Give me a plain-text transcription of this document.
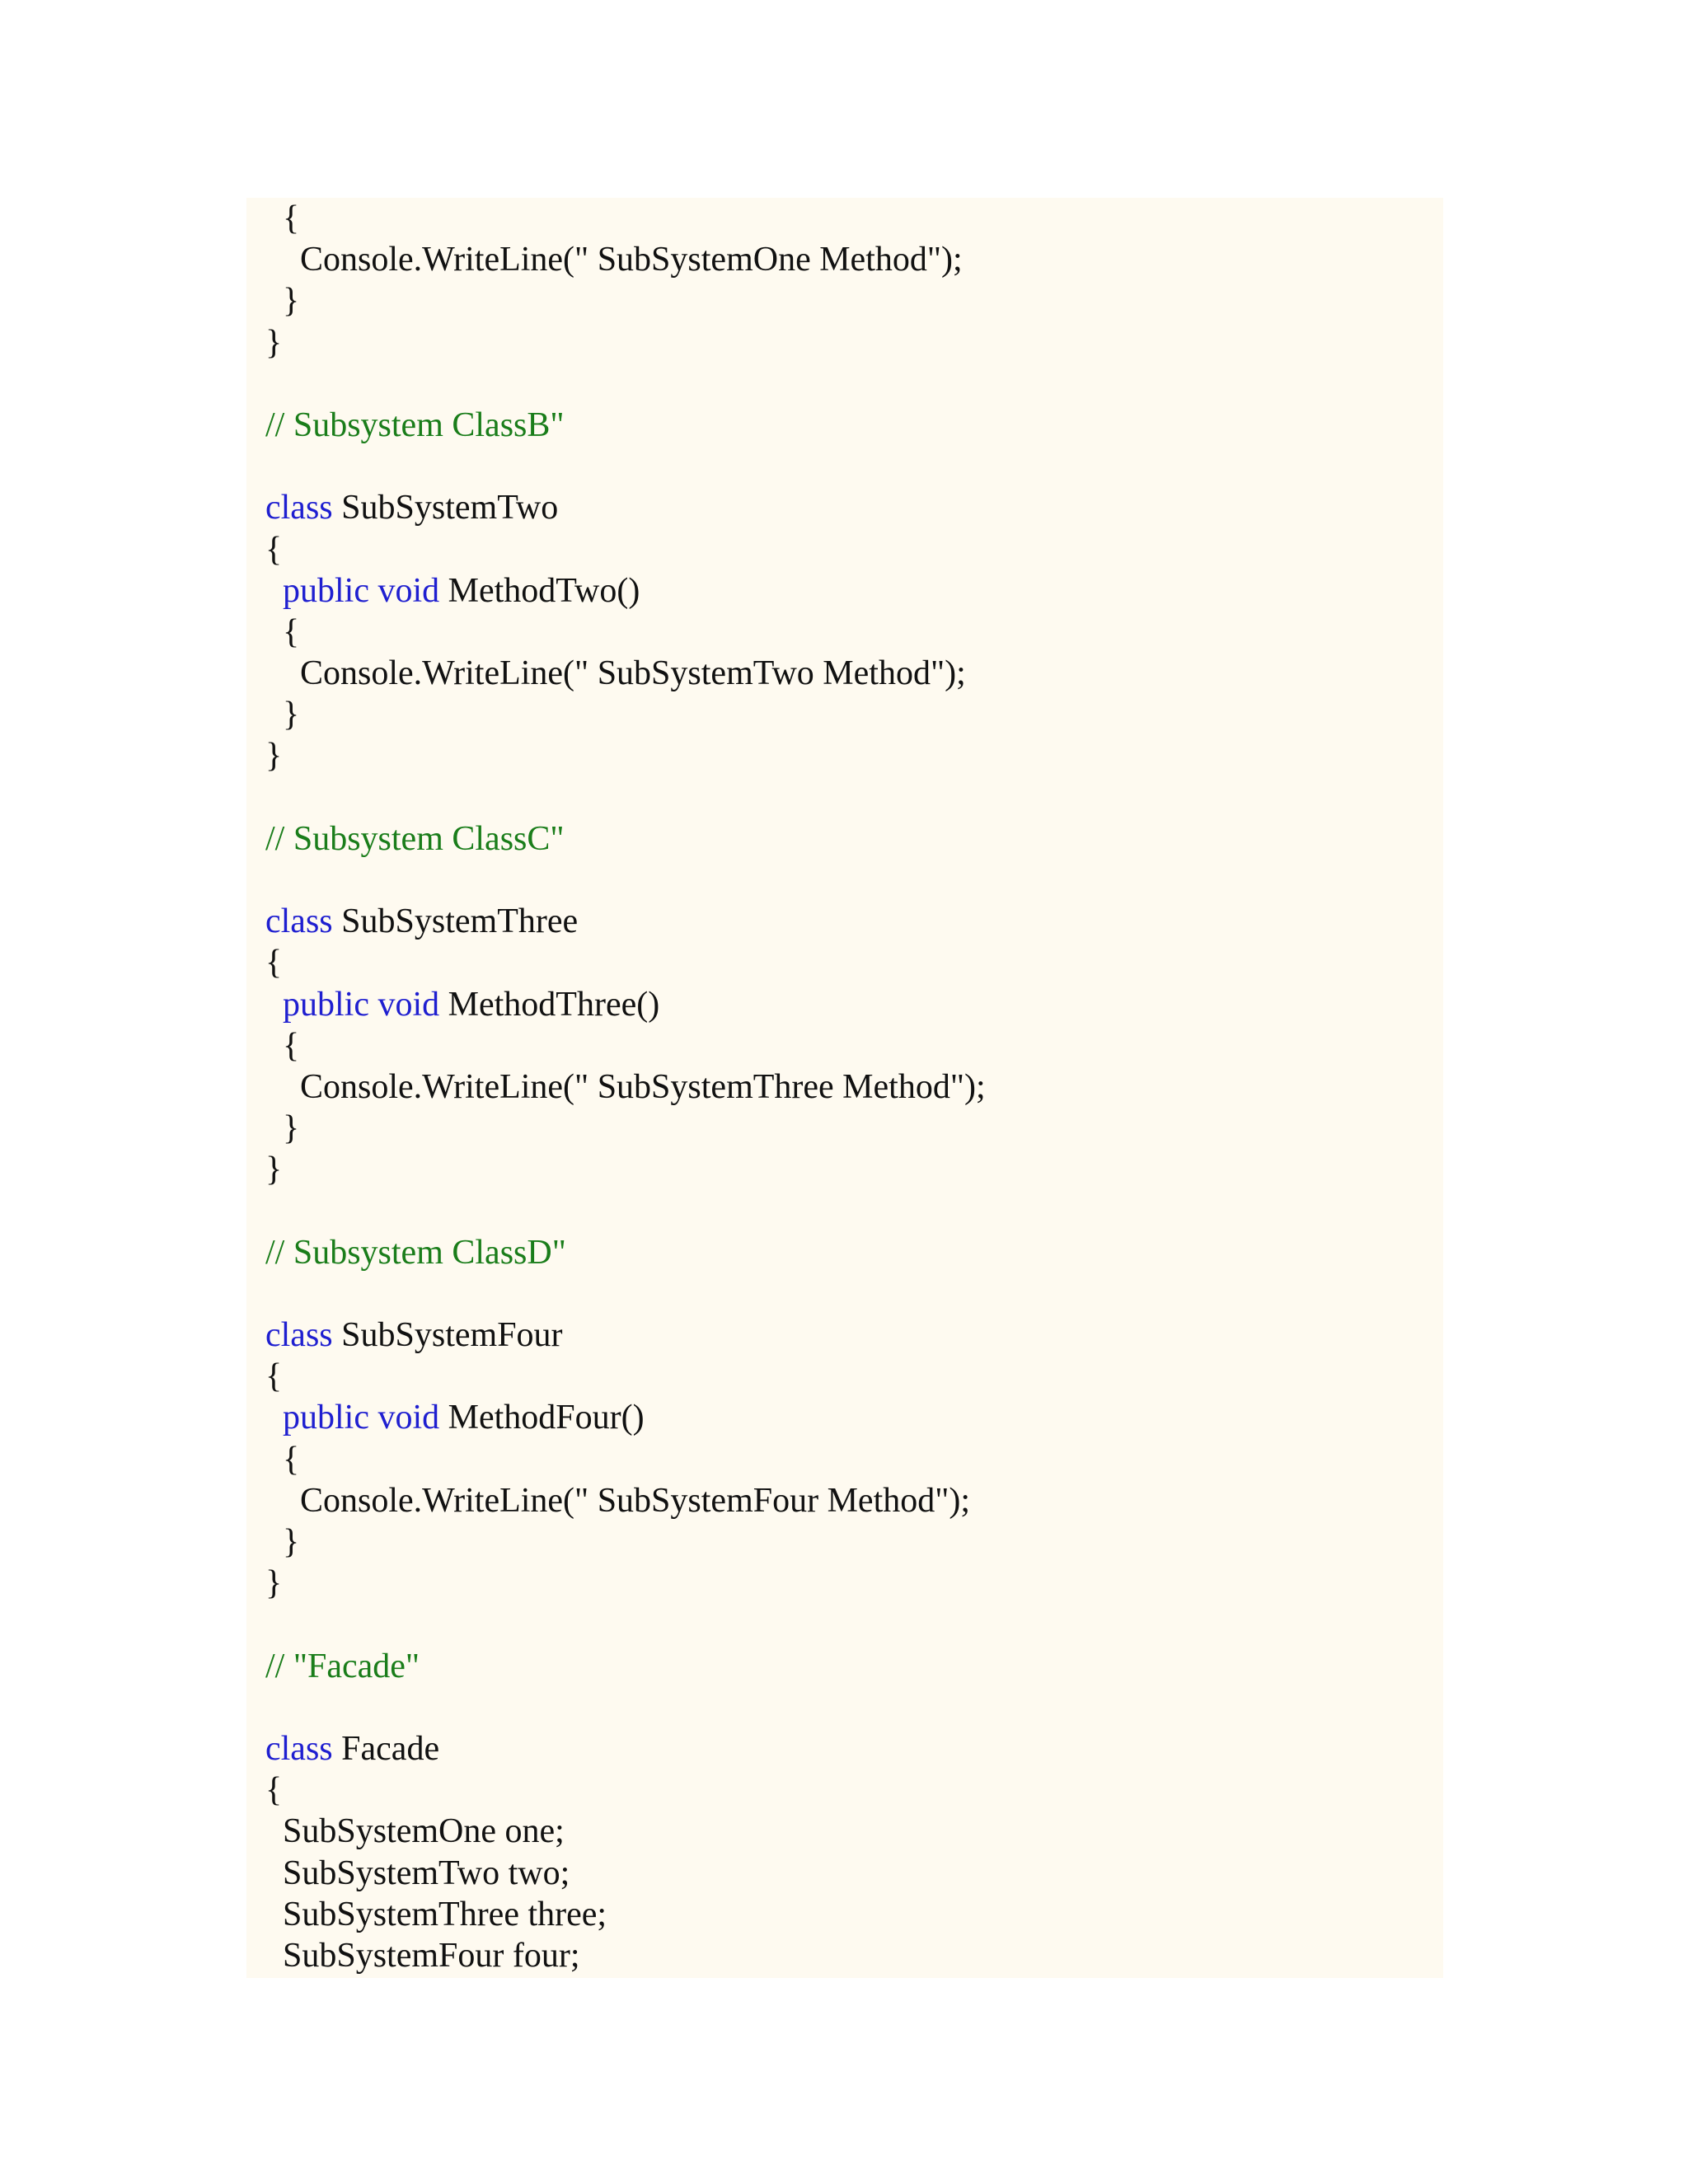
{
Console.WriteLine(" SubSystemOne Method");
}
}
// Subsystem ClassB"
class SubSystemTwo
{
public void MethodTwo()
{
Console.WriteLine(" SubSystemTwo Method");
}
}
// Subsystem ClassC"
class SubSystemThree
{
public void MethodThree()
{
Console.WriteLine(" SubSystemThree Method");
}
}
// Subsystem ClassD"
class SubSystemFour
{
public void MethodFour()
{
Console.WriteLine(" SubSystemFour Method");
}
}
// "Facade"
class Facade
{
SubSystemOne one;
SubSystemTwo two;
SubSystemThree three;
SubSystemFour four;
